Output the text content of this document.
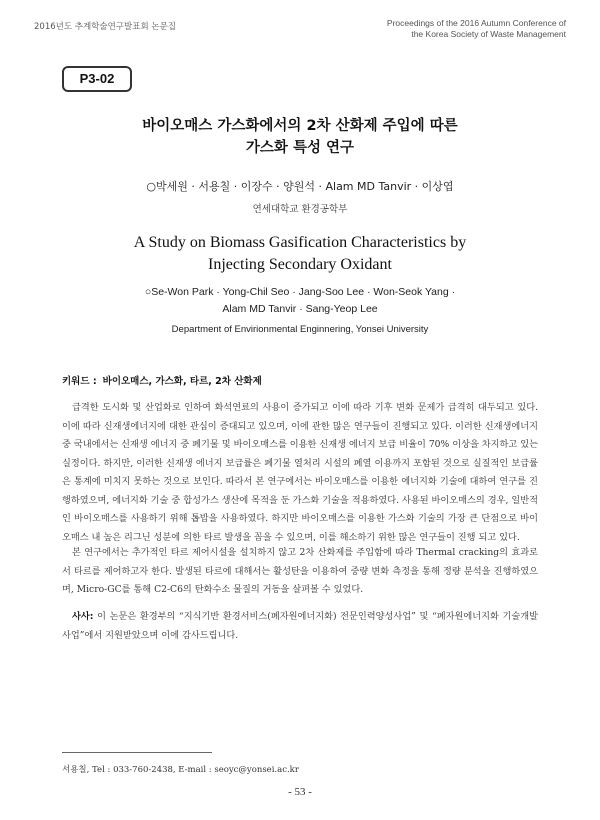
2016년도 추계학술연구발표회 논문집	Proceedings of the 2016 Autumn Conference of
the Korea Society of Waste Management
P3-02
바이오매스 가스화에서의 2차 산화제 주입에 따른
가스화 특성 연구
○박세원 · 서용칠 · 이장수 · 양원석 · Alam MD Tanvir · 이상엽
연세대학교 환경공학부
A Study on Biomass Gasification Characteristics by
Injecting Secondary Oxidant
○Se-Won Park · Yong-Chil Seo · Jang-Soo Lee · Won-Seok Yang ·
Alam MD Tanvir · Sang-Yeop Lee
Department of Envirionmental Enginnering, Yonsei University
키워드 : 바이오매스, 가스화, 타르, 2차 산화제
급격한 도시화 및 산업화로 인하여 화석연료의 사용이 증가되고 이에 따라 기후 변화 문제가 급격히 대두되고 있다. 이에 따라 신재생에너지에 대한 관심이 증대되고 있으며, 이에 관한 많은 연구들이 진행되고 있다. 이러한 신재생에너지 중 국내에서는 신재생 에너지 중 폐기물 및 바이오매스를 이용한 신재생 에너지 보급 비율이 70% 이상을 차지하고 있는 실정이다. 하지만, 이러한 신재생 에너지 보급률은 폐기물 열처리 시설의 폐열 이용까지 포함된 것으로 실질적인 보급률은 통계에 미치지 못하는 것으로 보인다. 따라서 본 연구에서는 바이오매스를 이용한 에너지화 기술에 대하여 연구를 진행하였으며, 에너지화 기술 중 합성가스 생산에 목적을 둔 가스화 기술을 적용하였다. 사용된 바이오매스의 경우, 일반적인 바이오매스를 사용하기 위해 톱밥을 사용하였다. 하지만 바이오매스를 이용한 가스화 기술의 가장 큰 단점으로 바이오매스 내 높은 리그닌 성분에 의한 타르 발생을 꼽을 수 있으며, 이를 해소하기 위한 많은 연구들이 진행 되고 있다.
본 연구에서는 추가적인 타르 제어시설을 설치하지 않고 2차 산화제를 주입함에 따라 Thermal cracking의 효과로서 타르를 제어하고자 한다. 발생된 타르에 대해서는 활성탄을 이용하여 중량 변화 측정을 통해 정량 분석을 진행하였으며, Micro-GC를 통해 C2-C6의 탄화수소 물질의 거동을 살펴볼 수 있었다.
사사: 이 논문은 환경부의 “지식기반 환경서비스(폐자원에너지화) 전문인력양성사업” 및 “폐자원에너지화 기술개발사업”에서 지원받았으며 이에 감사드립니다.
서용칠, Tel : 033-760-2438, E-mail : seoyc@yonsei.ac.kr
- 53 -
